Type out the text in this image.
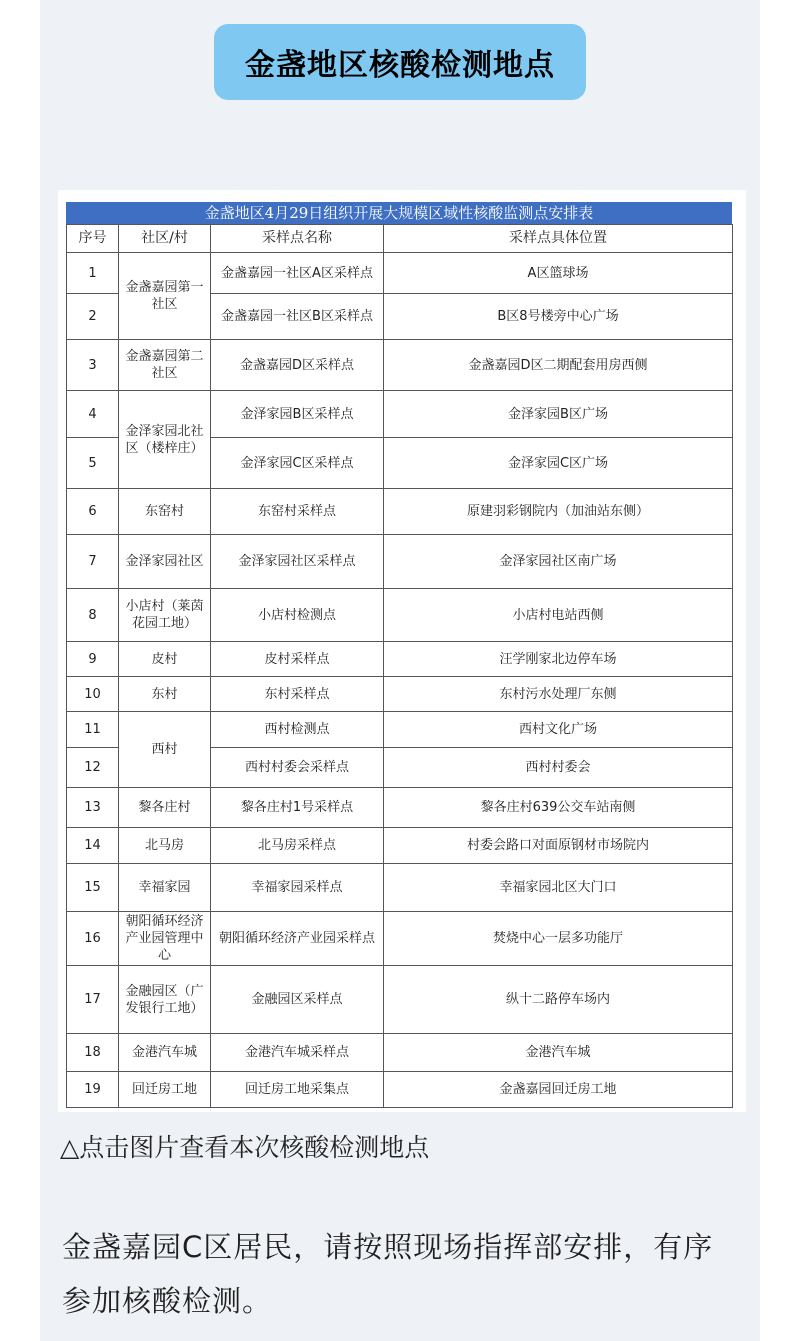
金盏地区核酸检测地点
金盏地区4月29日组织开展大规模区域性核酸监测点安排表
序号	社区/村	采样点名称	采样点具体位置
1	金盏嘉园第一社区	金盏嘉园一社区A区采样点	A区篮球场
2		金盏嘉园一社区B区采样点	B区8号楼旁中心广场
3	金盏嘉园第二社区	金盏嘉园D区采样点	金盏嘉园D区二期配套用房西侧
4	金泽家园北社区（楼梓庄）	金泽家园B区采样点	金泽家园B区广场
5		金泽家园C区采样点	金泽家园C区广场
6	东窑村	东窑村采样点	原建羽彩钢院内（加油站东侧）
7	金泽家园社区	金泽家园社区采样点	金泽家园社区南广场
8	小店村（莱茵花园工地）	小店村检测点	小店村电站西侧
9	皮村	皮村采样点	汪学刚家北边停车场
10	东村	东村采样点	东村污水处理厂东侧
11	西村	西村检测点	西村文化广场
12		西村村委会采样点	西村村委会
13	黎各庄村	黎各庄村1号采样点	黎各庄村639公交车站南侧
14	北马房	北马房采样点	村委会路口对面原钢材市场院内
15	幸福家园	幸福家园采样点	幸福家园北区大门口
16	朝阳循环经济产业园管理中心	朝阳循环经济产业园采样点	焚烧中心一层多功能厅
17	金融园区（广发银行工地）	金融园区采样点	纵十二路停车场内
18	金港汽车城	金港汽车城采样点	金港汽车城
19	回迁房工地	回迁房工地采集点	金盏嘉园回迁房工地
△点击图片查看本次核酸检测地点
金盏嘉园C区居民，请按照现场指挥部安排，有序参加核酸检测。
